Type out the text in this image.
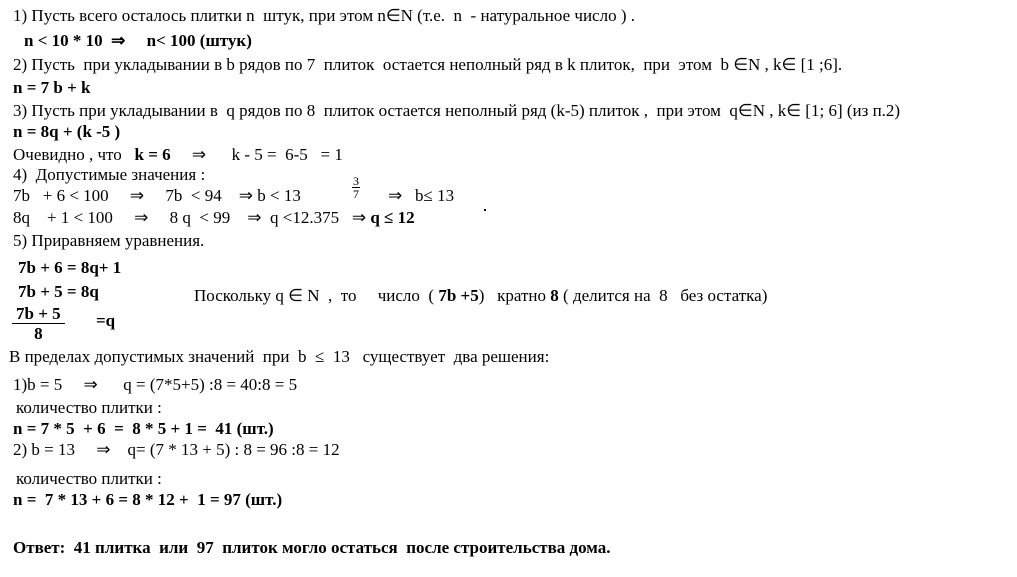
1) Пусть всего осталось плитки n  штук, при этом n∈N (т.е.  n  - натуральное число ) .
n < 10 * 10  ⇒     n< 100 (штук)
2) Пусть  при укладывании в b рядов по 7  плиток  остается неполный ряд в k плиток,  при  этом  b ∈N , k∈ [1 ;6].
n = 7 b + k
3) Пусть при укладывании в  q рядов по 8  плиток остается неполный ряд (k-5) плиток ,  при этом  q∈N , k∈ [1; 6] (из п.2)
n = 8q + (k -5 )
Очевидно , что   k = 6     ⇒      k - 5 =  6-5   = 1
4)  Допустимые значения :
7b   + 6 < 100     ⇒     7b  < 94    ⇒ b < 13	$\frac{3}{7}$ ⇒   b≤ 13
8q    + 1 < 100     ⇒     8 q  < 99    ⇒  q <12.375   ⇒ q ≤ 12
5) Приравняем уравнения.
7b + 6 = 8q+ 1
7b + 5 = 8q
$\frac{7b + 5}{8} =q$
Поскольку q ∈ N  ,  то     число  ( 7b +5)   кратно 8 ( делится на  8   без остатка)
В пределах допустимых значений  при  b  ≤  13   существует  два решения:
1)b = 5     ⇒      q = (7*5+5) :8 = 40:8 = 5
количество плитки :
n = 7 * 5  + 6  =  8 * 5 + 1 =  41 (шт.)
2) b = 13     ⇒    q= (7 * 13 + 5) : 8 = 96 :8 = 12
количество плитки :
n =  7 * 13 + 6 = 8 * 12 +  1 = 97 (шт.)
Ответ:  41 плитка  или  97  плиток могло остаться  после строительства дома.
